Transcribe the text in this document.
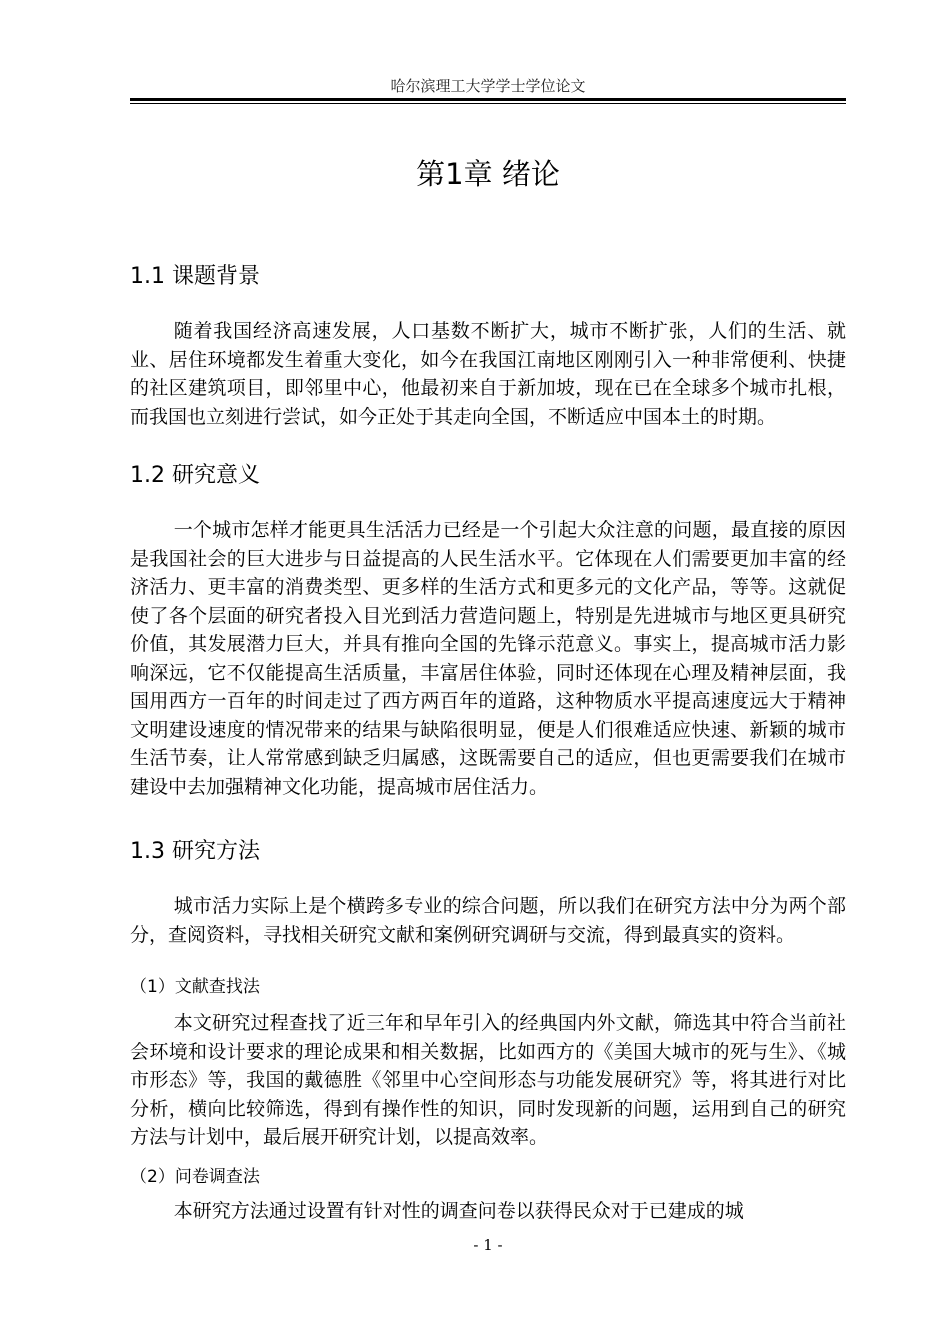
哈尔滨理工大学学士学位论文
第1章 绪论
1.1 课题背景

随着我国经济高速发展，人口基数不断扩大，城市不断扩张，人们的生活、就业、居住环境都发生着重大变化，如今在我国江南地区刚刚引入一种非常便利、快捷的社区建筑项目，即邻里中心，他最初来自于新加坡，现在已在全球多个城市扎根，而我国也立刻进行尝试，如今正处于其走向全国，不断适应中国本土的时期。

1.2 研究意义

一个城市怎样才能更具生活活力已经是一个引起大众注意的问题，最直接的原因是我国社会的巨大进步与日益提高的人民生活水平。它体现在人们需要更加丰富的经济活力、更丰富的消费类型、更多样的生活方式和更多元的文化产品，等等。这就促使了各个层面的研究者投入目光到活力营造问题上，特别是先进城市与地区更具研究价值，其发展潜力巨大，并具有推向全国的先锋示范意义。事实上，提高城市活力影响深远，它不仅能提高生活质量，丰富居住体验，同时还体现在心理及精神层面，我国用西方一百年的时间走过了西方两百年的道路，这种物质水平提高速度远大于精神文明建设速度的情况带来的结果与缺陷很明显，便是人们很难适应快速、新颖的城市生活节奏，让人常常感到缺乏归属感，这既需要自己的适应，但也更需要我们在城市建设中去加强精神文化功能，提高城市居住活力。

1.3 研究方法

城市活力实际上是个横跨多专业的综合问题，所以我们在研究方法中分为两个部分，查阅资料，寻找相关研究文献和案例研究调研与交流，得到最真实的资料。

（1）文献查找法

本文研究过程查找了近三年和早年引入的经典国内外文献，筛选其中符合当前社会环境和设计要求的理论成果和相关数据，比如西方的《美国大城市的死与生》、《城市形态》等，我国的戴德胜《邻里中心空间形态与功能发展研究》等，将其进行对比分析，横向比较筛选，得到有操作性的知识，同时发现新的问题，运用到自己的研究方法与计划中，最后展开研究计划，以提高效率。

（2）问卷调查法

本研究方法通过设置有针对性的调查问卷以获得民众对于已建成的城

- 1 -
